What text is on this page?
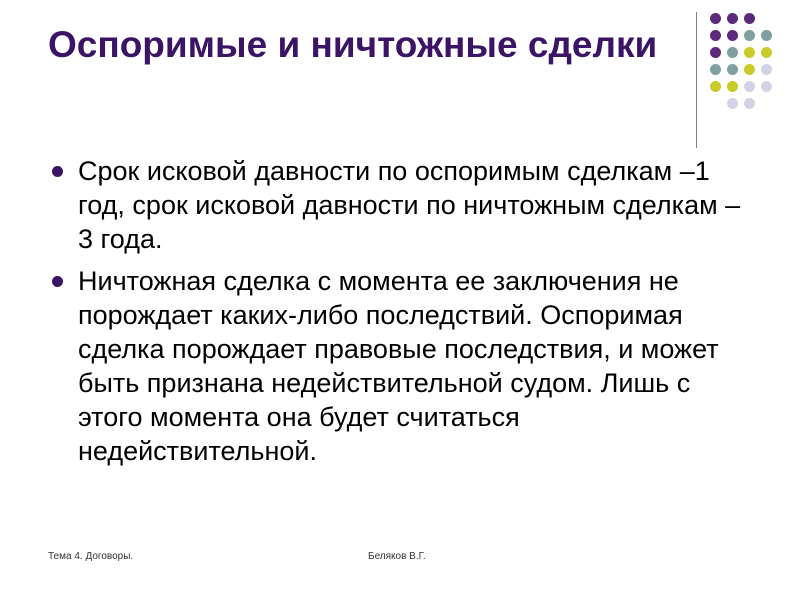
Оспоримые и ничтожные сделки
Срок исковой давности по оспоримым сделкам –1 год, срок исковой давности по ничтожным сделкам – 3 года.
Ничтожная сделка с момента ее заключения не порождает каких-либо последствий. Оспоримая сделка порождает правовые последствия, и может быть признана недействительной судом. Лишь с этого момента она будет считаться недействительной.
Тема 4. Договоры.	Беляков В.Г.
